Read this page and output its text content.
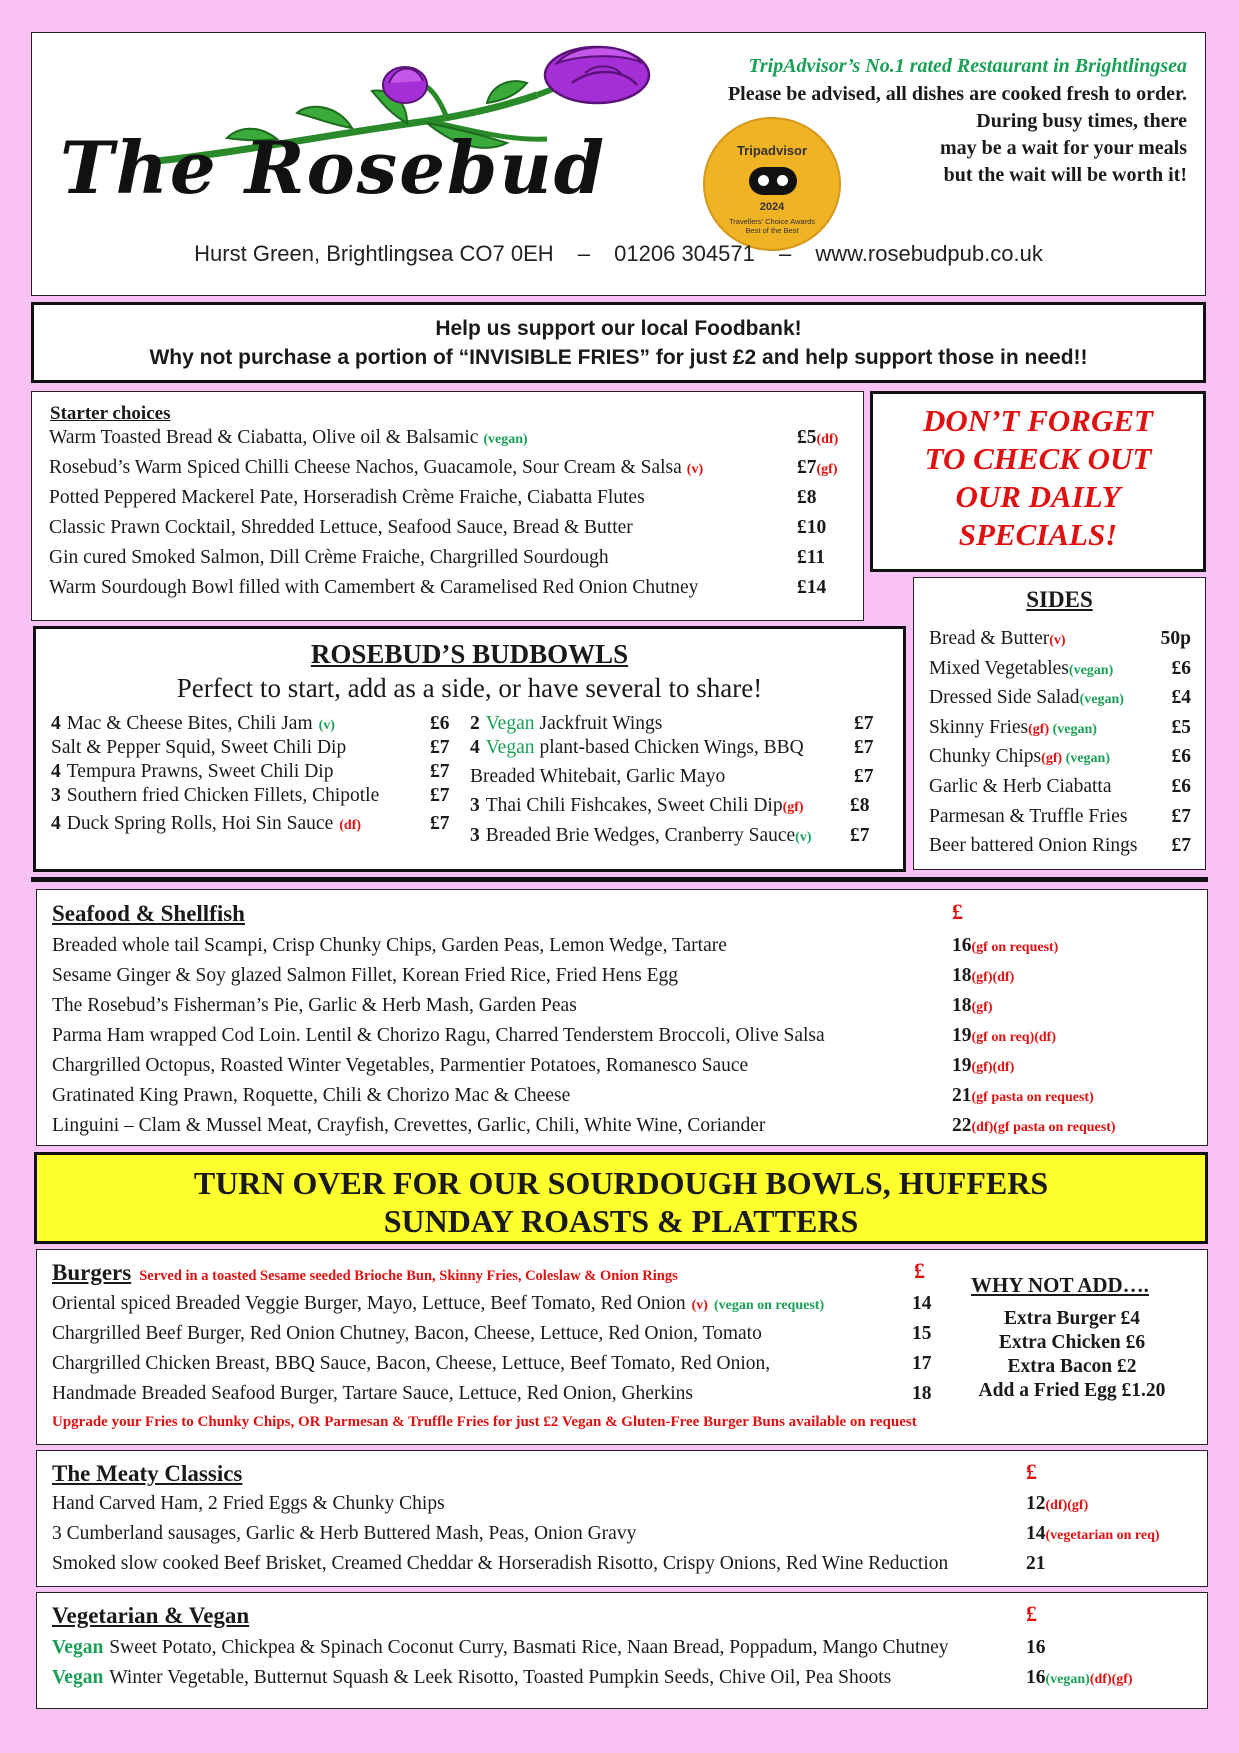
The Rosebud	Tripadvisor
2024
Travellers’ Choice Awards Best of the Best
TripAdvisor’s No.1 rated Restaurant in Brightlingsea
Please be advised, all dishes are cooked fresh to order.
During busy times, there
may be a wait for your meals
but the wait will be worth it!
Hurst Green, Brightlingsea CO7 0EH – 01206 304571 – www.rosebudpub.co.uk
Help us support our local Foodbank!
Why not purchase a portion of “INVISIBLE FRIES” for just £2 and help support those in need!!
Starter choices
Warm Toasted Bread & Ciabatta, Olive oil & Balsamic (vegan)	£5(df)
Rosebud’s Warm Spiced Chilli Cheese Nachos, Guacamole, Sour Cream & Salsa (v)	£7(gf)
Potted Peppered Mackerel Pate, Horseradish Crème Fraiche, Ciabatta Flutes	£8
Classic Prawn Cocktail, Shredded Lettuce, Seafood Sauce, Bread & Butter	£10
Gin cured Smoked Salmon, Dill Crème Fraiche, Chargrilled Sourdough	£11
Warm Sourdough Bowl filled with Camembert & Caramelised Red Onion Chutney	£14
DON’T FORGET
TO CHECK OUT
OUR DAILY
SPECIALS!
ROSEBUD’S BUDBOWLS
Perfect to start, add as a side, or have several to share!
4 Mac & Cheese Bites, Chili Jam (v)	£6
Salt & Pepper Squid, Sweet Chili Dip	£7
4 Tempura Prawns, Sweet Chili Dip	£7
3 Southern fried Chicken Fillets, Chipotle	£7
4 Duck Spring Rolls, Hoi Sin Sauce (df)	£7
2 Vegan Jackfruit Wings	£7
4 Vegan plant-based Chicken Wings, BBQ	£7
Breaded Whitebait, Garlic Mayo	£7
3 Thai Chili Fishcakes, Sweet Chili Dip(gf) £8
3 Breaded Brie Wedges, Cranberry Sauce(v) £7
SIDES
Bread & Butter(v)	50p
Mixed Vegetables(vegan)	£6
Dressed Side Salad(vegan) £4
Skinny Fries(gf) (vegan)	£5
Chunky Chips(gf) (vegan)	£6
Garlic & Herb Ciabatta	£6
Parmesan & Truffle Fries £7
Beer battered Onion Rings £7
Seafood & Shellfish	£
Breaded whole tail Scampi, Crisp Chunky Chips, Garden Peas, Lemon Wedge, Tartare	16(gf on request)
Sesame Ginger & Soy glazed Salmon Fillet, Korean Fried Rice, Fried Hens Egg	18(gf)(df)
The Rosebud’s Fisherman’s Pie, Garlic & Herb Mash, Garden Peas	18(gf)
Parma Ham wrapped Cod Loin. Lentil & Chorizo Ragu, Charred Tenderstem Broccoli, Olive Salsa	19(gf on req)(df)
Chargrilled Octopus, Roasted Winter Vegetables, Parmentier Potatoes, Romanesco Sauce	19(gf)(df)
Gratinated King Prawn, Roquette, Chili & Chorizo Mac & Cheese	21(gf pasta on request)
Linguini – Clam & Mussel Meat, Crayfish, Crevettes, Garlic, Chili, White Wine, Coriander	22(df)(gf pasta on request)
TURN OVER FOR OUR SOURDOUGH BOWLS, HUFFERS
SUNDAY ROASTS & PLATTERS
Burgers Served in a toasted Sesame seeded Brioche Bun, Skinny Fries, Coleslaw & Onion Rings	£
Oriental spiced Breaded Veggie Burger, Mayo, Lettuce, Beef Tomato, Red Onion (v) (vegan on request)	14
Chargrilled Beef Burger, Red Onion Chutney, Bacon, Cheese, Lettuce, Red Onion, Tomato	15
Chargrilled Chicken Breast, BBQ Sauce, Bacon, Cheese, Lettuce, Beef Tomato, Red Onion,	17
Handmade Breaded Seafood Burger, Tartare Sauce, Lettuce, Red Onion, Gherkins	18
Upgrade your Fries to Chunky Chips, OR Parmesan & Truffle Fries for just £2 Vegan & Gluten-Free Burger Buns available on request
WHY NOT ADD….
Extra Burger £4
Extra Chicken £6
Extra Bacon £2
Add a Fried Egg £1.20
The Meaty Classics	£
Hand Carved Ham, 2 Fried Eggs & Chunky Chips	12(df)(gf)
3 Cumberland sausages, Garlic & Herb Buttered Mash, Peas, Onion Gravy	14(vegetarian on req)
Smoked slow cooked Beef Brisket, Creamed Cheddar & Horseradish Risotto, Crispy Onions, Red Wine Reduction	21
Vegetarian & Vegan	£
Vegan Sweet Potato, Chickpea & Spinach Coconut Curry, Basmati Rice, Naan Bread, Poppadum, Mango Chutney	16
Vegan Winter Vegetable, Butternut Squash & Leek Risotto, Toasted Pumpkin Seeds, Chive Oil, Pea Shoots	16(vegan)(df)(gf)
